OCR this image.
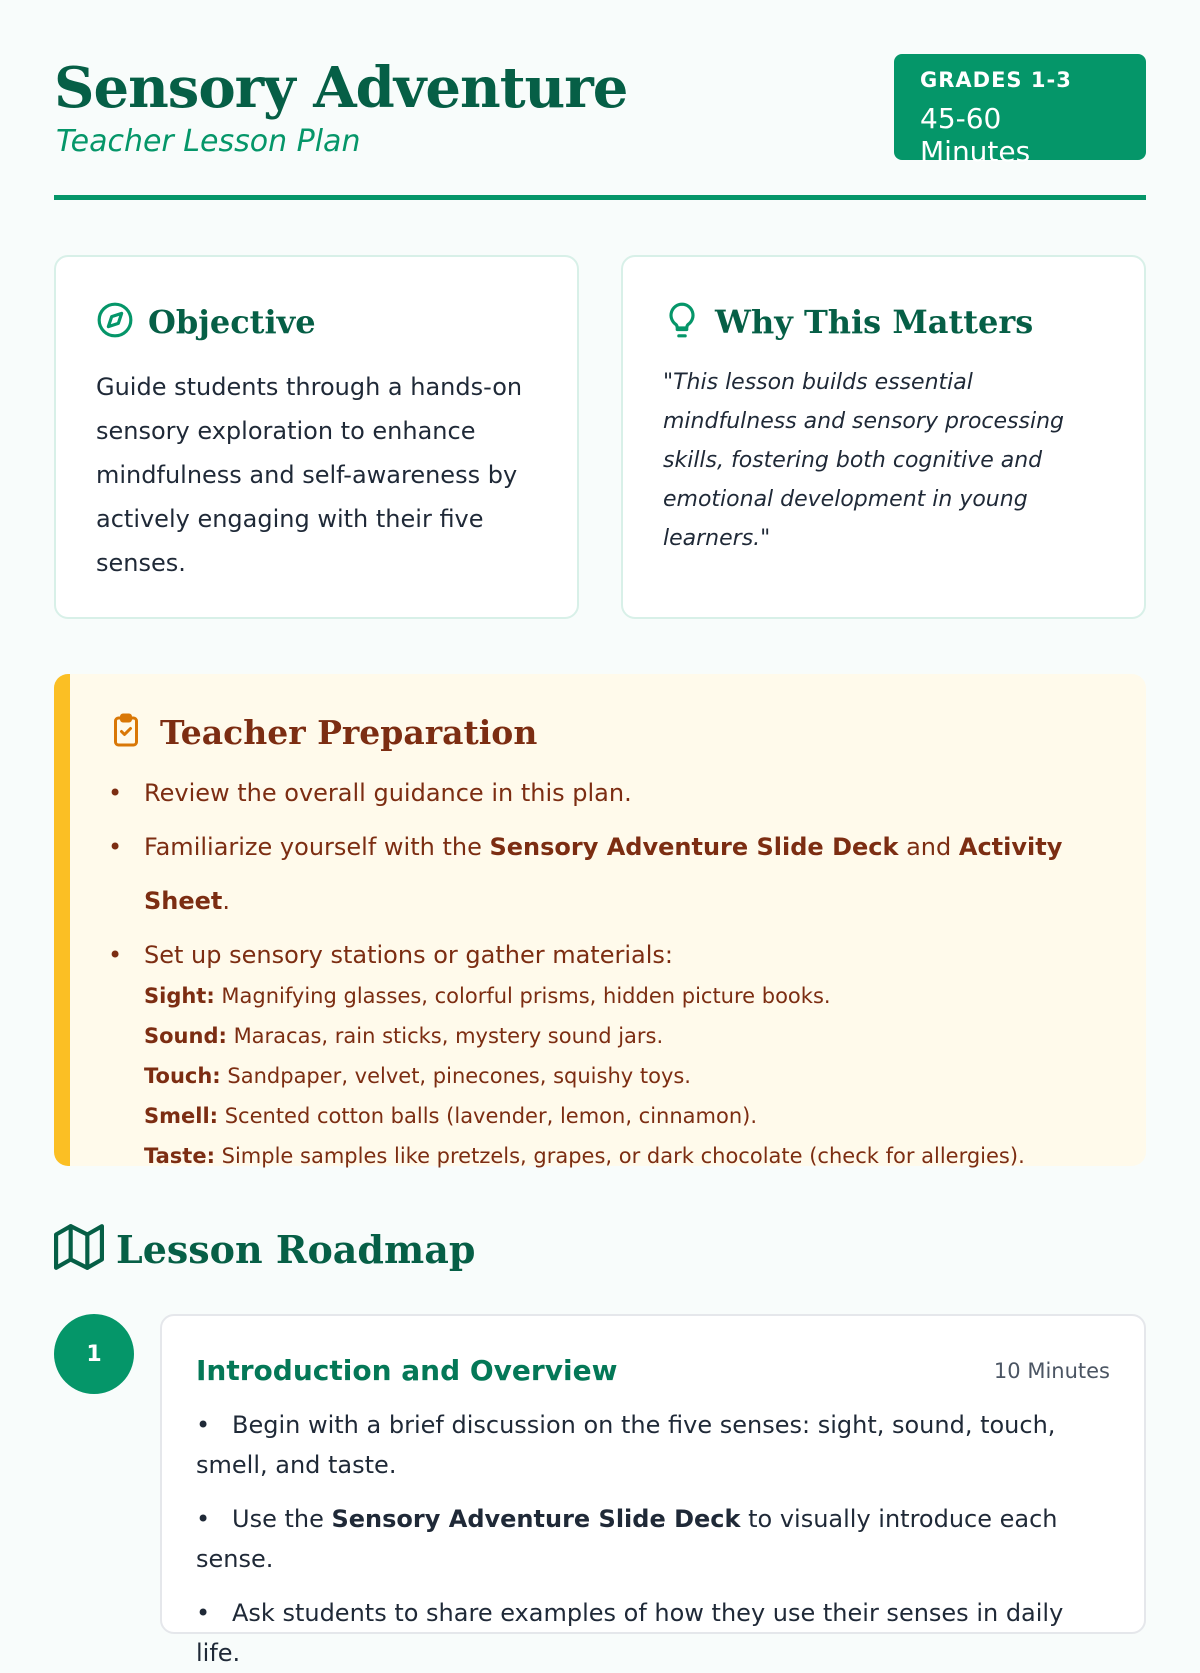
Sensory Adventure
Teacher Lesson Plan
GRADES 1-3
45-60 Minutes
Objective

Guide students through a hands-on sensory exploration to enhance mindfulness and self-awareness by actively engaging with their five senses.

Why This Matters

"This lesson builds essential mindfulness and sensory processing skills, fostering both cognitive and emotional development in young learners."

Teacher Preparation
• Review the overall guidance in this plan.
• Familiarize yourself with the Sensory Adventure Slide Deck and Activity Sheet.
• Set up sensory stations or gather materials:
Sight: Magnifying glasses, colorful prisms, hidden picture books.
Sound: Maracas, rain sticks, mystery sound jars.
Touch: Sandpaper, velvet, pinecones, squishy toys.
Smell: Scented cotton balls (lavender, lemon, cinnamon).
Taste: Simple samples like pretzels, grapes, or dark chocolate (check for allergies).
Lesson Roadmap
1	Introduction and Overview	10 Minutes
• Begin with a brief discussion on the five senses: sight, sound, touch, smell, and taste.
• Use the Sensory Adventure Slide Deck to visually introduce each sense.
• Ask students to share examples of how they use their senses in daily life.
